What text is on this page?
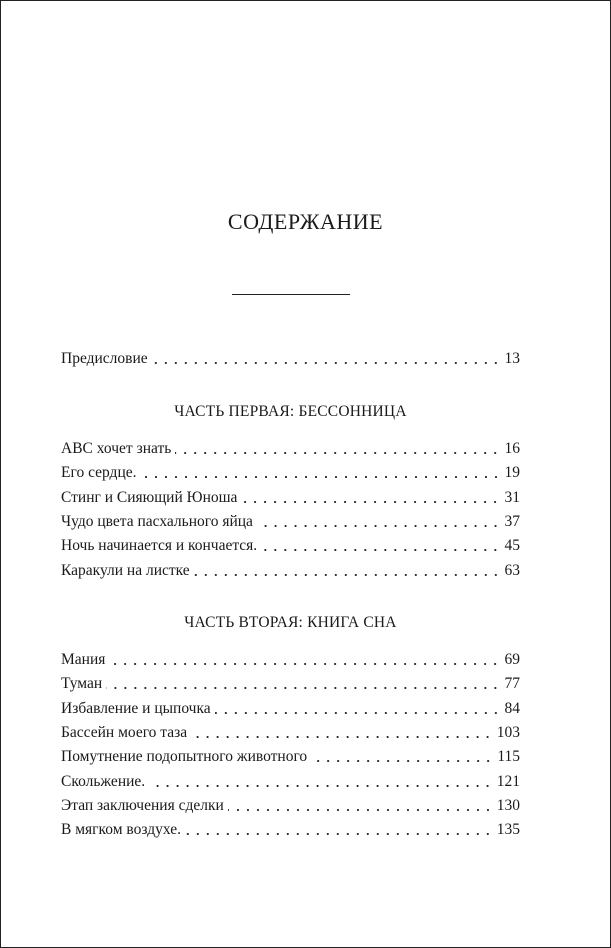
СОДЕРЖАНИЕ
Предисловие	13
ЧАСТЬ ПЕРВАЯ: БЕССОННИЦА
ABC хочет знать	16
Его сердце.	19
Стинг и Сияющий Юноша	31
Чудо цвета пасхального яйца	37
Ночь начинается и кончается.	45
Каракули на листке	63
ЧАСТЬ ВТОРАЯ: КНИГА СНА
Мания	69
Туман	77
Избавление и цыпочка	84
Бассейн моего таза	103
Помутнение подопытного животного	115
Скольжение.	121
Этап заключения сделки	130
В мягком воздухе.	135
